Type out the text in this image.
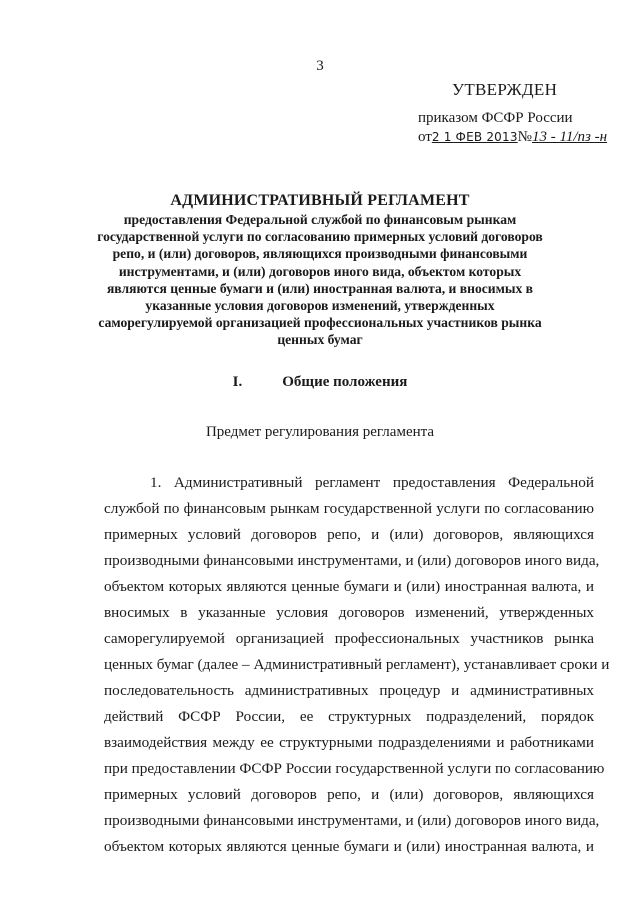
3
УТВЕРЖДЕН
приказом ФСФР России
от2 1 ФЕВ 2013№13 - 11/пз -н
АДМИНИСТРАТИВНЫЙ РЕГЛАМЕНТ
предоставления Федеральной службой по финансовым рынкам
государственной услуги по согласованию примерных условий договоров
репо, и (или) договоров, являющихся производными финансовыми
инструментами, и (или) договоров иного вида, объектом которых
являются ценные бумаги и (или) иностранная валюта, и вносимых в
указанные условия договоров изменений, утвержденных
саморегулируемой организацией профессиональных участников рынка
ценных бумаг
I.	Общие положения
Предмет регулирования регламента
1. Административный регламент предоставления Федеральной
службой по финансовым рынкам государственной услуги по согласованию
примерных условий договоров репо, и (или) договоров, являющихся
производными финансовыми инструментами, и (или) договоров иного вида,
объектом которых являются ценные бумаги и (или) иностранная валюта, и
вносимых в указанные условия договоров изменений, утвержденных
саморегулируемой организацией профессиональных участников рынка
ценных бумаг (далее – Административный регламент), устанавливает сроки и
последовательность административных процедур и административных
действий ФСФР России, ее структурных подразделений, порядок
взаимодействия между ее структурными подразделениями и работниками
при предоставлении ФСФР России государственной услуги по согласованию
примерных условий договоров репо, и (или) договоров, являющихся
производными финансовыми инструментами, и (или) договоров иного вида,
объектом которых являются ценные бумаги и (или) иностранная валюта, и
